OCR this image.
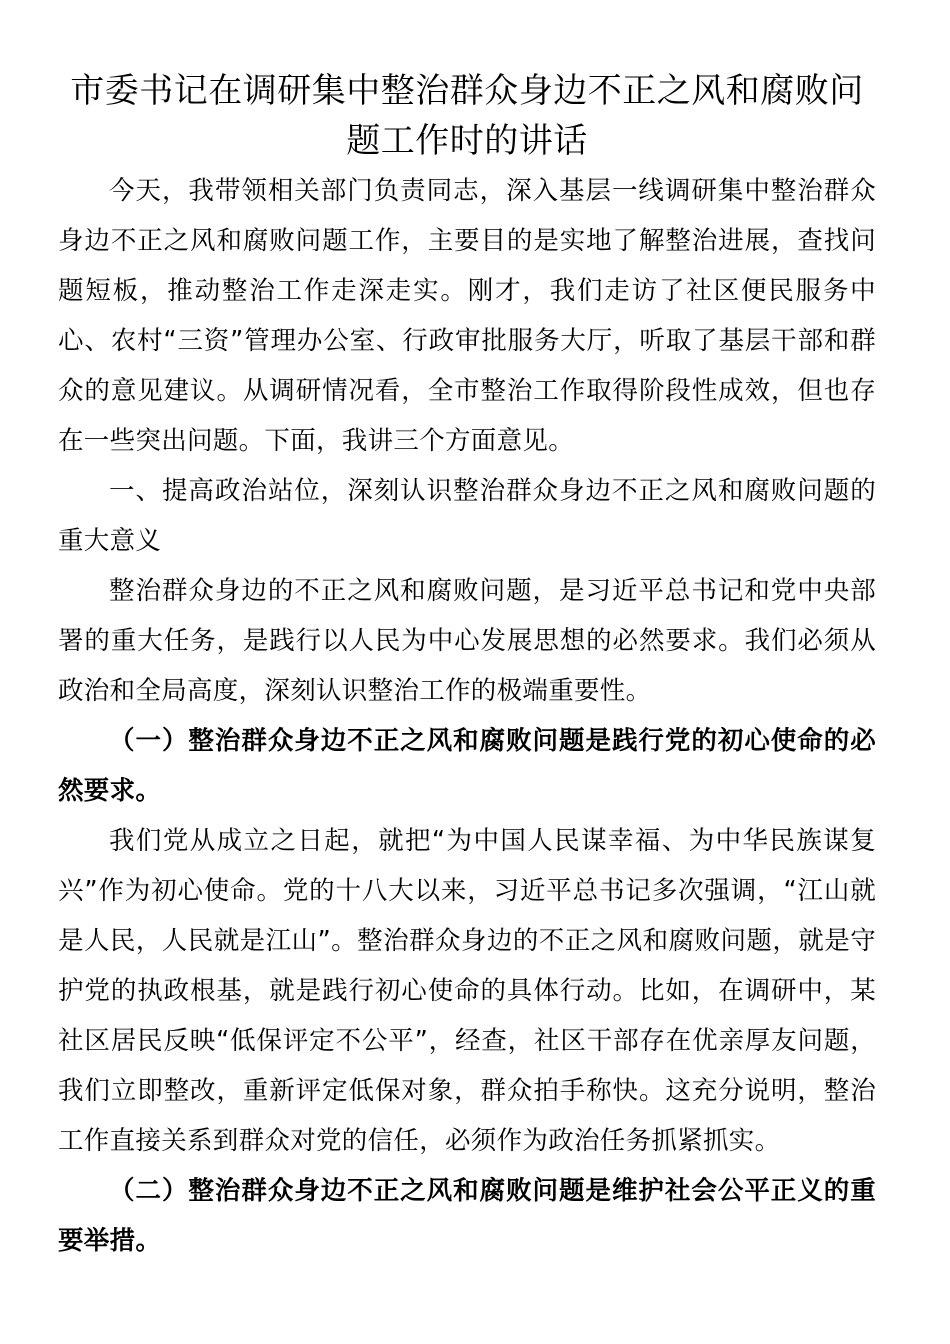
市委书记在调研集中整治群众身边不正之风和腐败问题工作时的讲话

今天，我带领相关部门负责同志，深入基层一线调研集中整治群众身边不正之风和腐败问题工作，主要目的是实地了解整治进展，查找问题短板，推动整治工作走深走实。刚才，我们走访了社区便民服务中心、农村“三资”管理办公室、行政审批服务大厅，听取了基层干部和群众的意见建议。从调研情况看，全市整治工作取得阶段性成效，但也存在一些突出问题。下面，我讲三个方面意见。

一、提高政治站位，深刻认识整治群众身边不正之风和腐败问题的重大意义

整治群众身边的不正之风和腐败问题，是习近平总书记和党中央部署的重大任务，是践行以人民为中心发展思想的必然要求。我们必须从政治和全局高度，深刻认识整治工作的极端重要性。

（一）整治群众身边不正之风和腐败问题是践行党的初心使命的必然要求。

我们党从成立之日起，就把“为中国人民谋幸福、为中华民族谋复兴”作为初心使命。党的十八大以来，习近平总书记多次强调，“江山就是人民，人民就是江山”。整治群众身边的不正之风和腐败问题，就是守护党的执政根基，就是践行初心使命的具体行动。比如，在调研中，某社区居民反映“低保评定不公平”，经查，社区干部存在优亲厚友问题，我们立即整改，重新评定低保对象，群众拍手称快。这充分说明，整治工作直接关系到群众对党的信任，必须作为政治任务抓紧抓实。

（二）整治群众身边不正之风和腐败问题是维护社会公平正义的重要举措。
